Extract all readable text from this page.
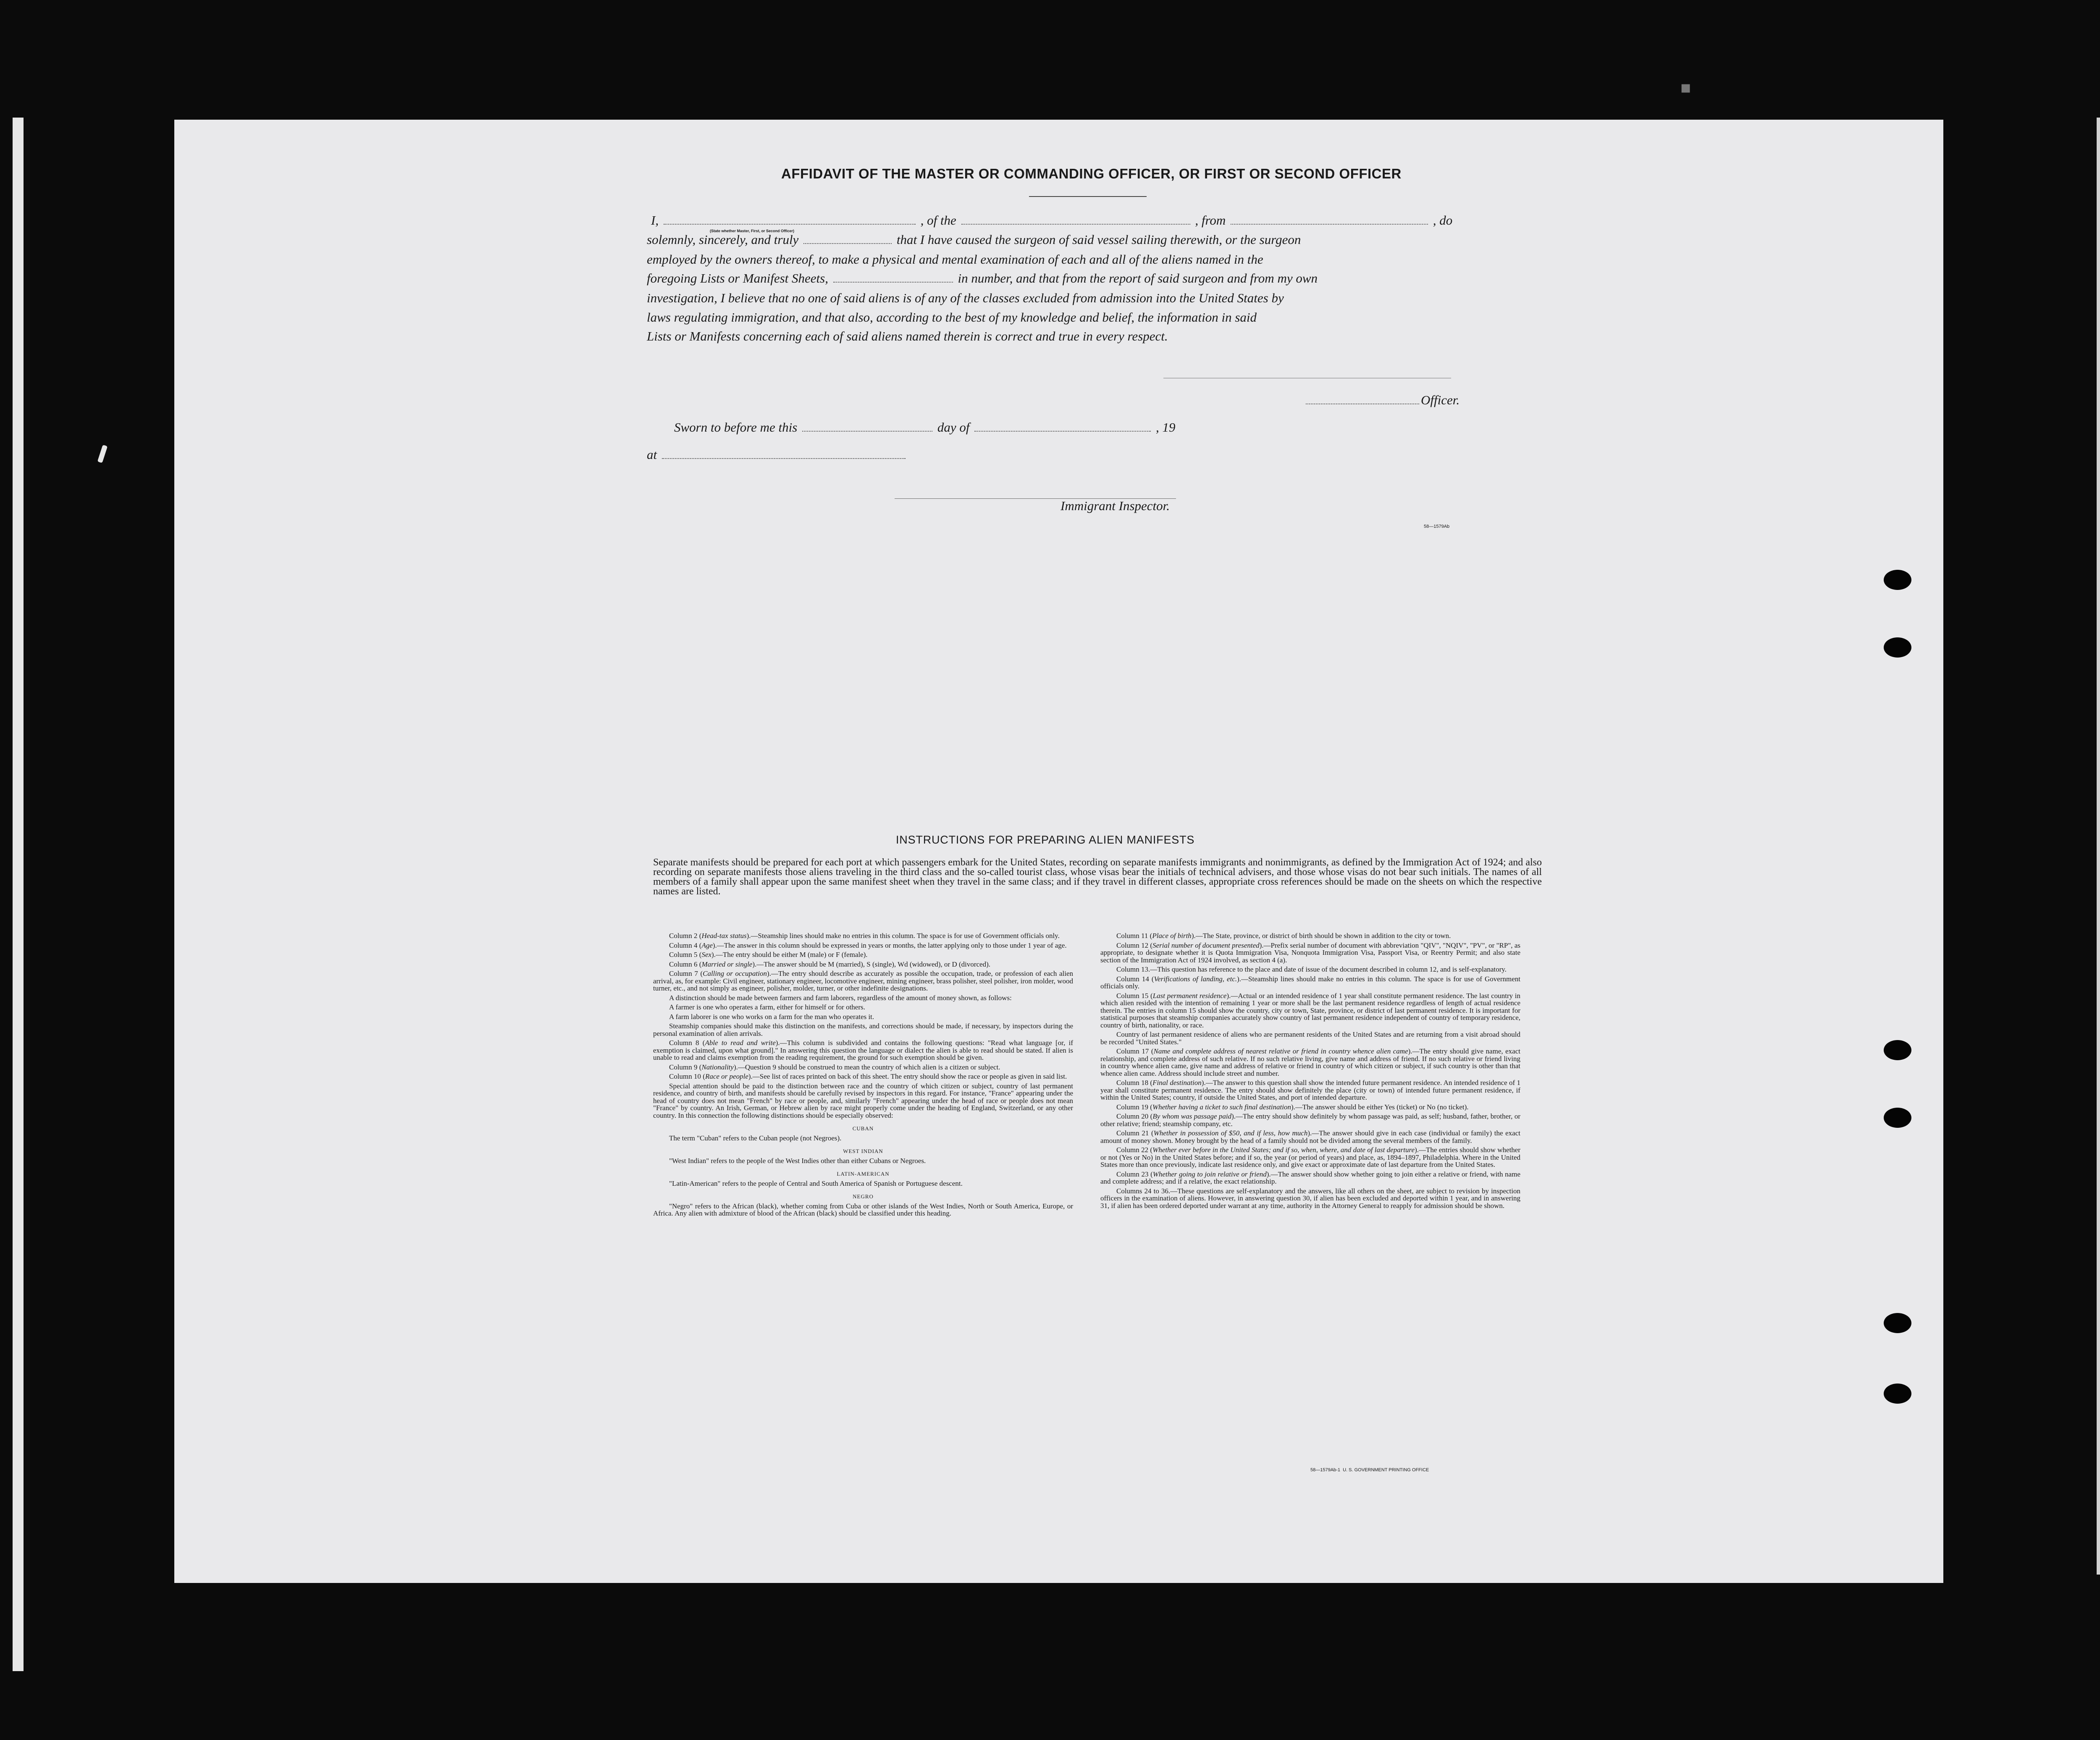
▪
AFFIDAVIT OF THE MASTER OR COMMANDING OFFICER, OR FIRST OR SECOND OFFICER
I,	, of the	, from	, do
(State whether Master, First, or Second Officer)
solemnly, sincerely, and truly	that I have caused the surgeon of said vessel sailing therewith, or the surgeon
employed by the owners thereof, to make a physical and mental examination of each and all of the aliens named in the
foregoing Lists or Manifest Sheets,	in number, and that from the report of said surgeon and from my own
investigation, I believe that no one of said aliens is of any of the classes excluded from admission into the United States by
laws regulating immigration, and that also, according to the best of my knowledge and belief, the information in said
Lists or Manifests concerning each of said aliens named therein is correct and true in every respect.
Officer.
Sworn to before me this	day of	, 19
at
Immigrant Inspector.
58—1579Ab
INSTRUCTIONS FOR PREPARING ALIEN MANIFESTS
Separate manifests should be prepared for each port at which passengers embark for the United States, recording on separate manifests immigrants and nonimmigrants, as defined by the Immigration Act of 1924; and also recording on separate manifests those aliens traveling in the third class and the so-called tourist class, whose visas bear the initials of technical advisers, and those whose visas do not bear such initials. The names of all members of a family shall appear upon the same manifest sheet when they travel in the same class; and if they travel in different classes, appropriate cross references should be made on the sheets on which the respective names are listed.

Column 2 (Head-tax status).—Steamship lines should make no entries in this column. The space is for use of Government officials only.

Column 4 (Age).—The answer in this column should be expressed in years or months, the latter applying only to those under 1 year of age.

Column 5 (Sex).—The entry should be either M (male) or F (female).

Column 6 (Married or single).—The answer should be M (married), S (single), Wd (widowed), or D (divorced).

Column 7 (Calling or occupation).—The entry should describe as accurately as possible the occupation, trade, or profession of each alien arrival, as, for example: Civil engineer, stationary engineer, locomotive engineer, mining engineer, brass polisher, steel polisher, iron molder, wood turner, etc., and not simply as engineer, polisher, molder, turner, or other indefinite designations.

A distinction should be made between farmers and farm laborers, regardless of the amount of money shown, as follows:

A farmer is one who operates a farm, either for himself or for others.

A farm laborer is one who works on a farm for the man who operates it.

Steamship companies should make this distinction on the manifests, and corrections should be made, if necessary, by inspectors during the personal examination of alien arrivals.

Column 8 (Able to read and write).—This column is subdivided and contains the following questions: "Read what language [or, if exemption is claimed, upon what ground]." In answering this question the language or dialect the alien is able to read should be stated. If alien is unable to read and claims exemption from the reading requirement, the ground for such exemption should be given.

Column 9 (Nationality).—Question 9 should be construed to mean the country of which alien is a citizen or subject.

Column 10 (Race or people).—See list of races printed on back of this sheet. The entry should show the race or people as given in said list.

Special attention should be paid to the distinction between race and the country of which citizen or subject, country of last permanent residence, and country of birth, and manifests should be carefully revised by inspectors in this regard. For instance, "France" appearing under the head of country does not mean "French" by race or people, and, similarly "French" appearing under the head of race or people does not mean "France" by country. An Irish, German, or Hebrew alien by race might properly come under the heading of England, Switzerland, or any other country. In this connection the following distinctions should be especially observed:

CUBAN

The term "Cuban" refers to the Cuban people (not Negroes).

WEST INDIAN

"West Indian" refers to the people of the West Indies other than either Cubans or Negroes.

LATIN-AMERICAN

"Latin-American" refers to the people of Central and South America of Spanish or Portuguese descent.

NEGRO

"Negro" refers to the African (black), whether coming from Cuba or other islands of the West Indies, North or South America, Europe, or Africa. Any alien with admixture of blood of the African (black) should be classified under this heading.

Column 11 (Place of birth).—The State, province, or district of birth should be shown in addition to the city or town.

Column 12 (Serial number of document presented).—Prefix serial number of document with abbreviation "QIV", "NQIV", "PV", or "RP", as appropriate, to designate whether it is Quota Immigration Visa, Nonquota Immigration Visa, Passport Visa, or Reentry Permit; and also state section of the Immigration Act of 1924 involved, as section 4 (a).

Column 13.—This question has reference to the place and date of issue of the document described in column 12, and is self-explanatory.

Column 14 (Verifications of landing, etc.).—Steamship lines should make no entries in this column. The space is for use of Government officials only.

Column 15 (Last permanent residence).—Actual or an intended residence of 1 year shall constitute permanent residence. The last country in which alien resided with the intention of remaining 1 year or more shall be the last permanent residence regardless of length of actual residence therein. The entries in column 15 should show the country, city or town, State, province, or district of last permanent residence. It is important for statistical purposes that steamship companies accurately show country of last permanent residence independent of country of temporary residence, country of birth, nationality, or race.

Country of last permanent residence of aliens who are permanent residents of the United States and are returning from a visit abroad should be recorded "United States."

Column 17 (Name and complete address of nearest relative or friend in country whence alien came).—The entry should give name, exact relationship, and complete address of such relative. If no such relative living, give name and address of friend. If no such relative or friend living in country whence alien came, give name and address of relative or friend in country of which citizen or subject, if such country is other than that whence alien came. Address should include street and number.

Column 18 (Final destination).—The answer to this question shall show the intended future permanent residence. An intended residence of 1 year shall constitute permanent residence. The entry should show definitely the place (city or town) of intended future permanent residence, if within the United States; country, if outside the United States, and port of intended departure.

Column 19 (Whether having a ticket to such final destination).—The answer should be either Yes (ticket) or No (no ticket).

Column 20 (By whom was passage paid).—The entry should show definitely by whom passage was paid, as self; husband, father, brother, or other relative; friend; steamship company, etc.

Column 21 (Whether in possession of $50, and if less, how much).—The answer should give in each case (individual or family) the exact amount of money shown. Money brought by the head of a family should not be divided among the several members of the family.

Column 22 (Whether ever before in the United States; and if so, when, where, and date of last departure).—The entries should show whether or not (Yes or No) in the United States before; and if so, the year (or period of years) and place, as, 1894–1897, Philadelphia. Where in the United States more than once previously, indicate last residence only, and give exact or approximate date of last departure from the United States.

Column 23 (Whether going to join relative or friend).—The answer should show whether going to join either a relative or friend, with name and complete address; and if a relative, the exact relationship.

Columns 24 to 36.—These questions are self-explanatory and the answers, like all others on the sheet, are subject to revision by inspection officers in the examination of aliens. However, in answering question 30, if alien has been excluded and deported within 1 year, and in answering 31, if alien has been ordered deported under warrant at any time, authority in the Attorney General to reapply for admission should be shown.

58—1579Ab-1 U. S. GOVERNMENT PRINTING OFFICE
